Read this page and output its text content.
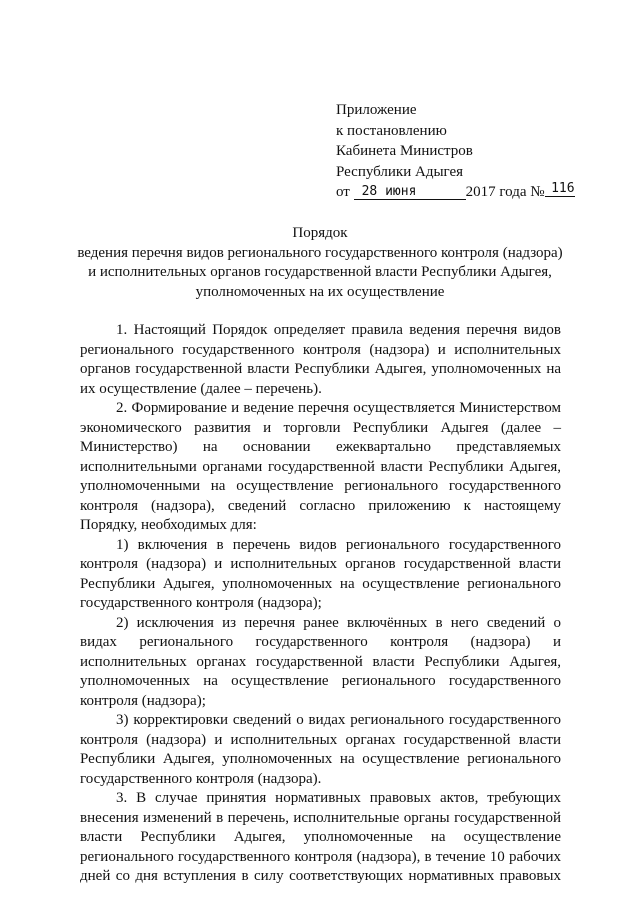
Приложение
к постановлению
Кабинета Министров
Республики Адыгея
от 28 июня	2017 года № 116
Порядок
ведения перечня видов регионального государственного контроля (надзора)
и исполнительных органов государственной власти Республики Адыгея,
уполномоченных на их осуществление

1. Настоящий Порядок определяет правила ведения перечня видов регионального государственного контроля (надзора) и исполнительных органов государственной власти Республики Адыгея, уполномоченных на их осуществление (далее – перечень).

2. Формирование и ведение перечня осуществляется Министерством экономического развития и торговли Республики Адыгея (далее – Министерство) на основании ежеквартально представляемых исполнительными органами государственной власти Республики Адыгея, уполномоченными на осуществление регионального государственного контроля (надзора), сведений согласно приложению к настоящему Порядку, необходимых для:

1) включения в перечень видов регионального государственного контроля (надзора) и исполнительных органов государственной власти Республики Адыгея, уполномоченных на осуществление регионального государственного контроля (надзора);

2) исключения из перечня ранее включённых в него сведений о видах регионального государственного контроля (надзора) и исполнительных органах государственной власти Республики Адыгея, уполномоченных на осуществление регионального государственного контроля (надзора);

3) корректировки сведений о видах регионального государственного контроля (надзора) и исполнительных органах государственной власти Республики Адыгея, уполномоченных на осуществление регионального государственного контроля (надзора).

3. В случае принятия нормативных правовых актов, требующих внесения изменений в перечень, исполнительные органы государственной власти Республики Адыгея, уполномоченные на осуществление регионального государственного контроля (надзора), в течение 10 рабочих дней со дня вступления в силу соответствующих нормативных правовых
